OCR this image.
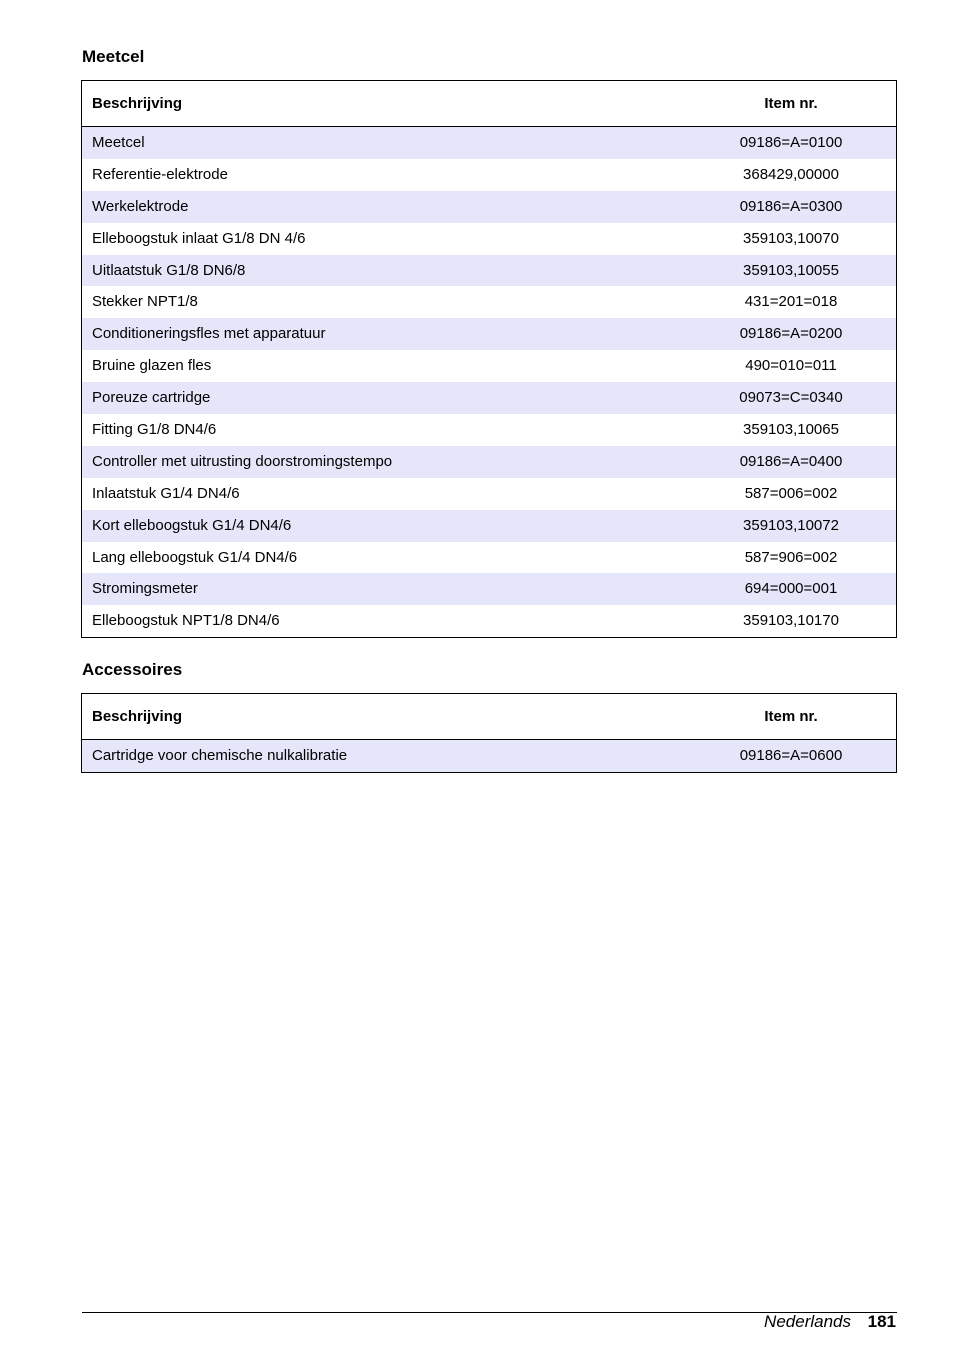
Meetcel
Beschrijving	Item nr.
Meetcel	09186=A=0100
Referentie-elektrode	368429,00000
Werkelektrode	09186=A=0300
Elleboogstuk inlaat G1/8 DN 4/6	359103,10070
Uitlaatstuk G1/8 DN6/8	359103,10055
Stekker NPT1/8	431=201=018
Conditioneringsfles met apparatuur	09186=A=0200
Bruine glazen fles	490=010=011
Poreuze cartridge	09073=C=0340
Fitting G1/8 DN4/6	359103,10065
Controller met uitrusting doorstromingstempo	09186=A=0400
Inlaatstuk G1/4 DN4/6	587=006=002
Kort elleboogstuk G1/4 DN4/6	359103,10072
Lang elleboogstuk G1/4 DN4/6	587=906=002
Stromingsmeter	694=000=001
Elleboogstuk NPT1/8 DN4/6	359103,10170
Accessoires
Beschrijving	Item nr.
Cartridge voor chemische nulkalibratie	09186=A=0600
Nederlands 181
